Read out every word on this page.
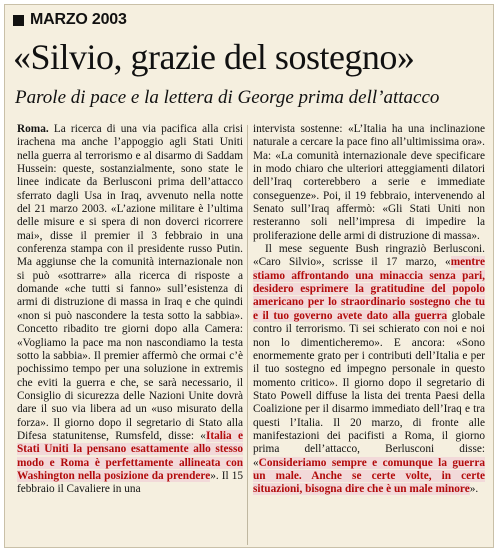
MARZO 2003
«Silvio, grazie del sostegno»
Parole di pace e la lettera di George prima dell’attacco

Roma. La ricerca di una via pacifica alla crisi irachena ma anche l’appoggio agli Stati Uniti nella guerra al terrorismo e al disarmo di Saddam Hussein: queste, sostanzialmente, sono state le linee indicate da Berlusconi prima dell’attacco sferrato dagli Usa in Iraq, avvenuto nella notte del 21 marzo 2003. «L’azione militare è l’ultima delle misure e si spera di non doverci ricorrere mai», disse il premier il 3 febbraio in una conferenza stampa con il presidente russo Putin. Ma aggiunse che la comunità internazionale non si può «sottrarre» alla ricerca di risposte a domande «che tutti si fanno» sull’esistenza di armi di distruzione di massa in Iraq e che quindi «non si può nascondere la testa sotto la sabbia». Concetto ribadito tre giorni dopo alla Camera: «Vogliamo la pace ma non nascondiamo la testa sotto la sabbia». Il premier affermò che ormai c’è pochissimo tempo per una soluzione in extremis che eviti la guerra e che, se sarà necessario, il Consiglio di sicurezza delle Nazioni Unite dovrà dare il suo via libera ad un «uso misurato della forza». Il giorno dopo il segretario di Stato alla Difesa statunitense, Rumsfeld, disse: «Italia e Stati Uniti la pensano esattamente allo stesso modo e Roma è perfettamente allineata con Washington nella posizione da prendere». Il 15 febbraio il Cavaliere in una

intervista sostenne: «L’Italia ha una inclinazione naturale a cercare la pace fino all’ultimissima ora». Ma: «La comunità internazionale deve specificare in modo chiaro che ulteriori atteggiamenti dilatori dell’Iraq corterebbero a serie e immediate conseguenze». Poi, il 19 febbraio, intervenendo al Senato sull’Iraq affermò: «Gli Stati Uniti non resteranno soli nell’impresa di impedire la proliferazione delle armi di distruzione di massa».

Il mese seguente Bush ringraziò Berlusconi. «Caro Silvio», scrisse il 17 marzo, «mentre stiamo affrontando una minaccia senza pari, desidero esprimere la gratitudine del popolo americano per lo straordinario sostegno che tu e il tuo governo avete dato alla guerra globale contro il terrorismo. Ti sei schierato con noi e noi non lo dimenticheremo». E ancora: «Sono enormemente grato per i contributi dell’Italia e per il tuo sostegno ed impegno personale in questo momento critico». Il giorno dopo il segretario di Stato Powell diffuse la lista dei trenta Paesi della Coalizione per il disarmo immediato dell’Iraq e tra questi l’Italia. Il 20 marzo, di fronte alle manifestazioni dei pacifisti a Roma, il giorno prima dell’attacco, Berlusconi disse: «Consideriamo sempre e comunque la guerra un male. Anche se certe volte, in certe situazioni, bisogna dire che è un male minore».
